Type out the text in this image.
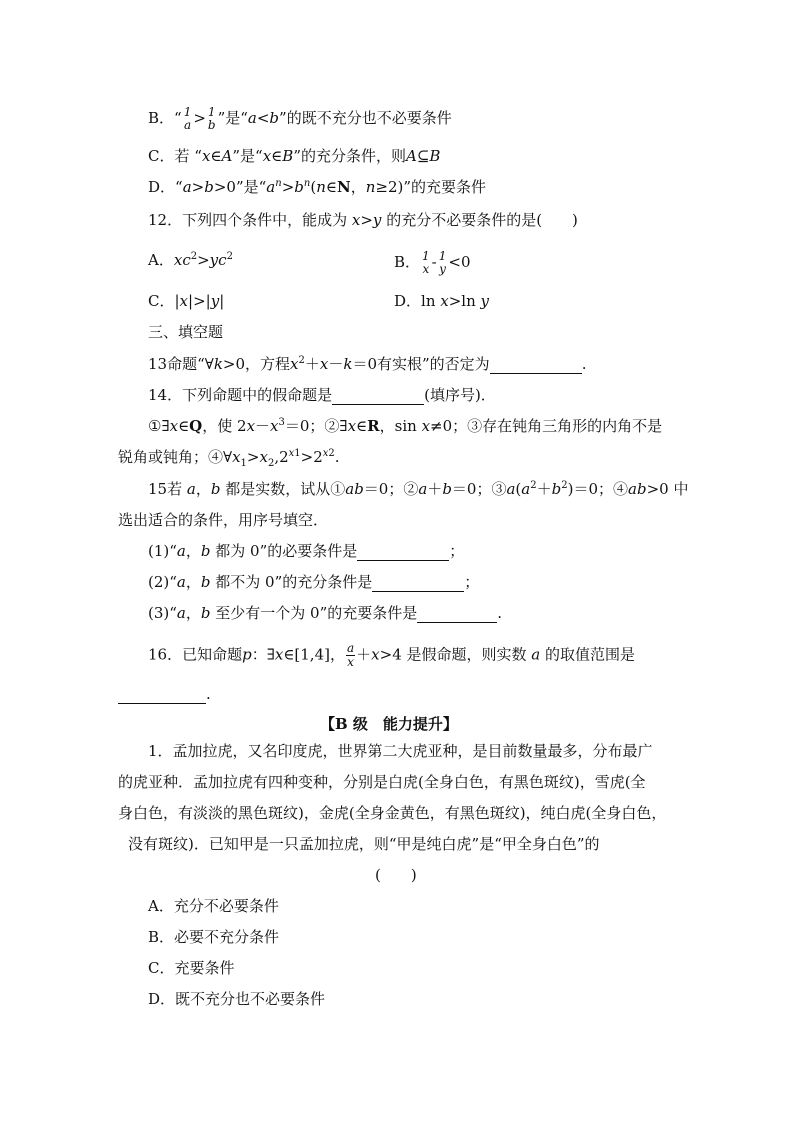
B．“ 1
a > 1
b ”是“a<b”的既不充分也不必要条件
C．若 “x∈A”是“x∈B”的充分条件，则A⊆B
D．“a>b>0”是“$a^n>b^n(n\in N$，n≥2)”的充要条件
12．下列四个条件中，能成为 x>y 的充分不必要条件的是(　　)
A．$xc^2>yc^2$	B． 1
x - 1
y <0
C．|x|>|y|	D．ln x>ln y
三、填空题
13命题“∀k>0，方程$x^2+x-k=0$有实根”的否定为	.
14．下列命题中的假命题是	(填序号)．
①∃x∈Q，使 $2x-x^3=0$；②∃x∈R，sin x≠0；③存在钝角三角形的内角不是
锐角或钝角；$④\forall x_1>x_2,2^{x1}>2^{x2}$.
15若 a，b 都是实数，试从①ab＝0；②a＋b＝0；$③a(a^2+b^2)=0$；④ab>0 中
选出适合的条件，用序号填空．
(1)“a，b 都为 0”的必要条件是	；
(2)“a，b 都不为 0”的充分条件是	；
(3)“a，b 至少有一个为 0”的充要条件是	.
16．已知命题p：∃x∈[1,4]， $\frac{a}{x} +x>4$ 是假命题，则实数 a 的取值范围是
.
【B 级　能力提升】
1．孟加拉虎，又名印度虎，世界第二大虎亚种，是目前数量最多，分布最广
的虎亚种．孟加拉虎有四种变种，分别是白虎(全身白色，有黑色斑纹)，雪虎(全
身白色，有淡淡的黑色斑纹)，金虎(全身金黄色，有黑色斑纹)，纯白虎(全身白色，
没有斑纹)．已知甲是一只孟加拉虎，则“甲是纯白虎”是“甲全身白色”的
(　　)
A．充分不必要条件
B．必要不充分条件
C．充要条件
D．既不充分也不必要条件
